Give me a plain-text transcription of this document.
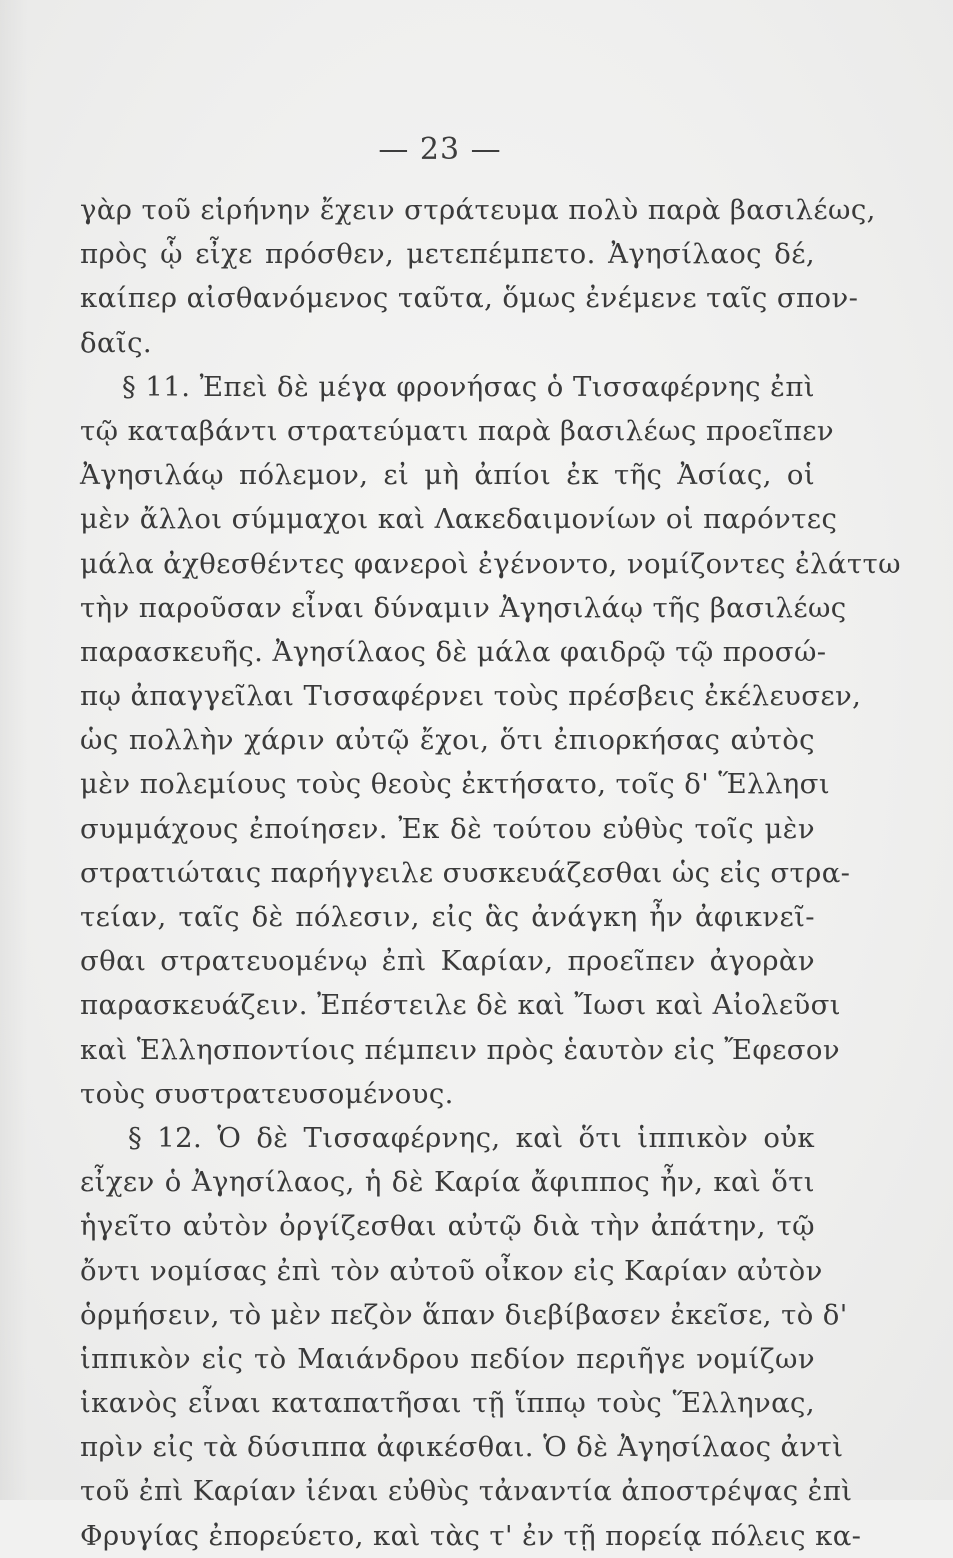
— 23 —
γὰρ τοῦ εἰρήνην ἔχειν στράτευμα πολὺ παρὰ βασιλέως,
πρὸς ᾧ εἶχε πρόσθεν, μετεπέμπετο. Ἀγησίλαος δέ,
καίπερ αἰσθανόμενος ταῦτα, ὅμως ἐνέμενε ταῖς σπον-
δαῖς.
§ 11. Ἐπεὶ δὲ μέγα φρονήσας ὁ Τισσαφέρνης ἐπὶ
τῷ καταβάντι στρατεύματι παρὰ βασιλέως προεῖπεν
Ἀγησιλάῳ πόλεμον, εἰ μὴ ἀπίοι ἐκ τῆς Ἀσίας, οἱ
μὲν ἄλλοι σύμμαχοι καὶ Λακεδαιμονίων οἱ παρόντες
μάλα ἀχθεσθέντες φανεροὶ ἐγένοντο, νομίζοντες ἐλάττω
τὴν παροῦσαν εἶναι δύναμιν Ἀγησιλάῳ τῆς βασιλέως
παρασκευῆς. Ἀγησίλαος δὲ μάλα φαιδρῷ τῷ προσώ-
πῳ ἀπαγγεῖλαι Τισσαφέρνει τοὺς πρέσβεις ἐκέλευσεν,
ὡς πολλὴν χάριν αὐτῷ ἔχοι, ὅτι ἐπιορκήσας αὐτὸς
μὲν πολεμίους τοὺς θεοὺς ἐκτήσατο, τοῖς δ' Ἕλλησι
συμμάχους ἐποίησεν. Ἐκ δὲ τούτου εὐθὺς τοῖς μὲν
στρατιώταις παρήγγειλε συσκευάζεσθαι ὡς εἰς στρα-
τείαν, ταῖς δὲ πόλεσιν, εἰς ἃς ἀνάγκη ἦν ἀφικνεῖ-
σθαι στρατευομένῳ ἐπὶ Καρίαν, προεῖπεν ἀγορὰν
παρασκευάζειν. Ἐπέστειλε δὲ καὶ Ἴωσι καὶ Αἰολεῦσι
καὶ Ἑλλησποντίοις πέμπειν πρὸς ἑαυτὸν εἰς Ἔφεσον
τοὺς συστρατευσομένους.
§ 12. Ὁ δὲ Τισσαφέρνης, καὶ ὅτι ἱππικὸν οὐκ
εἶχεν ὁ Ἀγησίλαος, ἡ δὲ Καρία ἄφιππος ἦν, καὶ ὅτι
ἡγεῖτο αὐτὸν ὀργίζεσθαι αὐτῷ διὰ τὴν ἀπάτην, τῷ
ὄντι νομίσας ἐπὶ τὸν αὐτοῦ οἶκον εἰς Καρίαν αὐτὸν
ὁρμήσειν, τὸ μὲν πεζὸν ἅπαν διεβίβασεν ἐκεῖσε, τὸ δ'
ἱππικὸν εἰς τὸ Μαιάνδρου πεδίον περιῆγε νομίζων
ἱκανὸς εἶναι καταπατῆσαι τῇ ἵππῳ τοὺς Ἕλληνας,
πρὶν εἰς τὰ δύσιππα ἀφικέσθαι. Ὁ δὲ Ἀγησίλαος ἀντὶ
τοῦ ἐπὶ Καρίαν ἰέναι εὐθὺς τἀναντία ἀποστρέψας ἐπὶ
Φρυγίας ἐπορεύετο, καὶ τὰς τ' ἐν τῇ πορείᾳ πόλεις κα-
